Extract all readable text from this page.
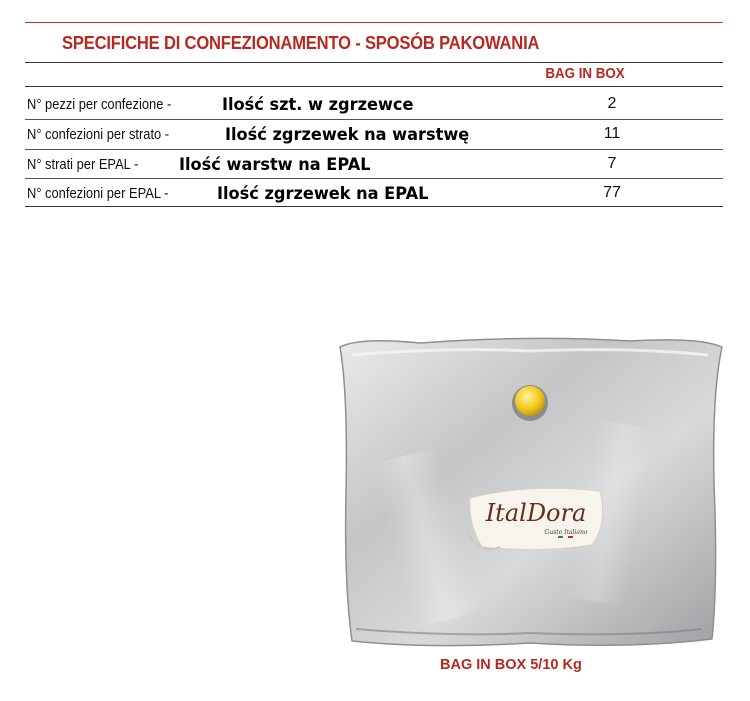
SPECIFICHE DI CONFEZIONAMENTO - SPOSÓB PAKOWANIA
BAG IN BOX
N° pezzi per confezione -	Ilość szt. w zgrzewce	2
N° confezioni per strato -	Ilość zgrzewek na warstwę	11
N° strati per EPAL - Ilość warstw na EPAL	7
N° confezioni per EPAL -	Ilość zgrzewek na EPAL	77
ItalDora
Gusto Italiano
BAG IN BOX 5/10 Kg
